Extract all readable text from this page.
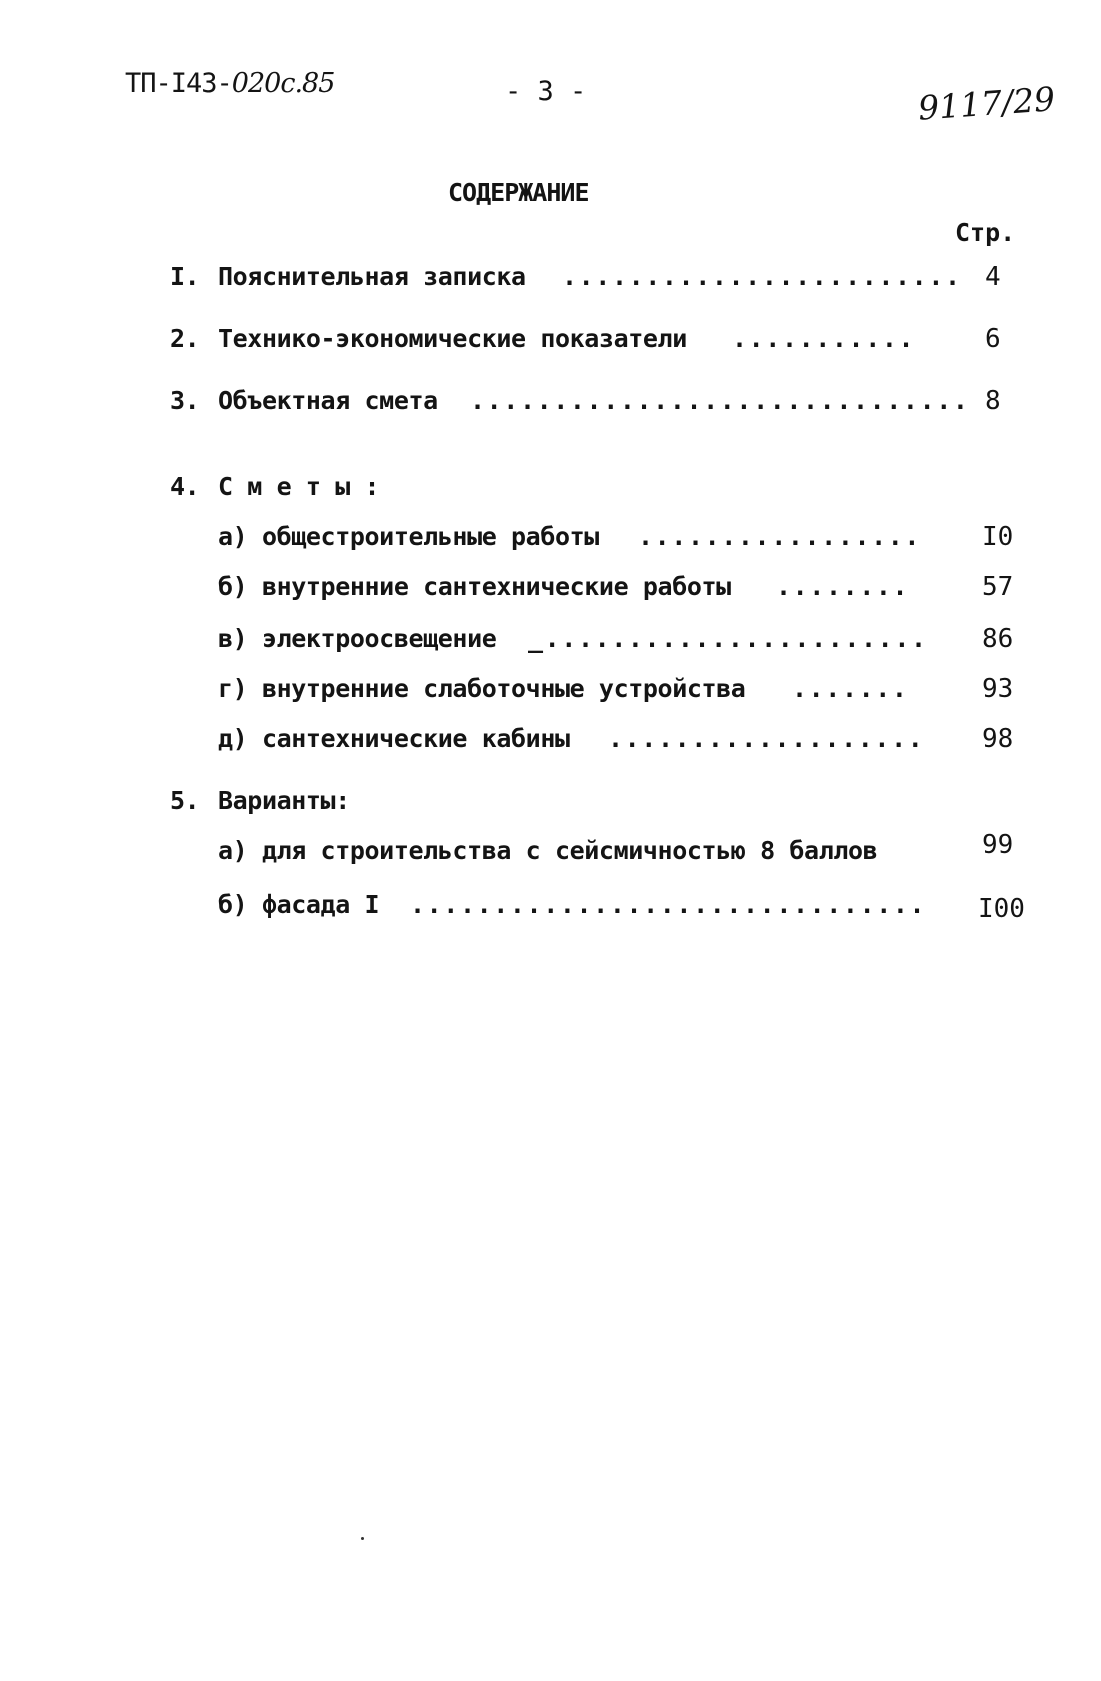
ТП-I43-020с.85	- 3 -	9117/29
СОДЕРЖАНИЕ
Стр.
I. Пояснительная записка ........................ 4
2. Технико-экономические показатели ...........	6
3. Объектная смета .............................. 8
4. С м е т ы :
а) общестроительные работы ................. I0
б) внутренние сантехнические работы ........	57
в) электроосвещение _....................... 86
г) внутренние слаботочные устройства .......	93
д) сантехнические кабины ................... 98
5. Варианты:
а) для строительства с сейсмичностью 8 баллов	99
б) фасада I ............................... I00
